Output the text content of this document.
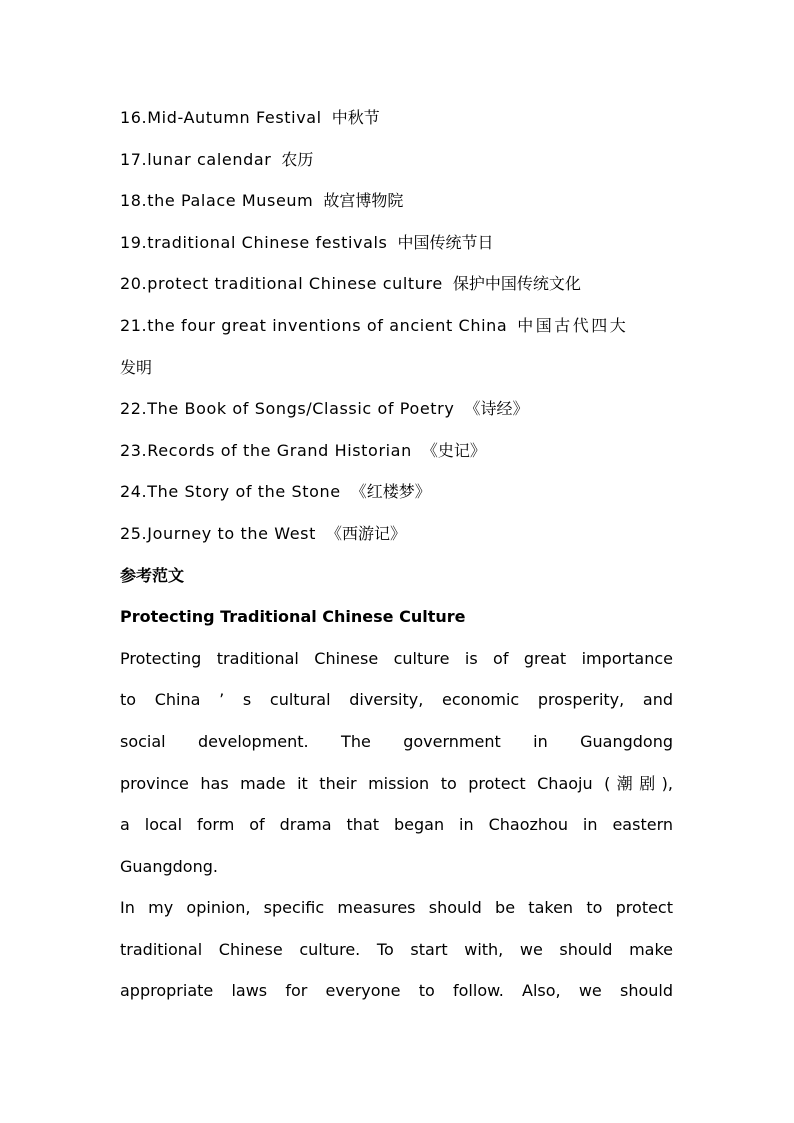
16.Mid-Autumn Festival 中秋节
17.lunar calendar 农历
18.the Palace Museum 故宫博物院
19.traditional Chinese festivals 中国传统节日
20.protect traditional Chinese culture 保护中国传统文化
21.the four great inventions of ancient China 中国古代四大
发明
22.The Book of Songs/Classic of Poetry 《诗经》
23.Records of the Grand Historian 《史记》
24.The Story of the Stone 《红楼梦》
25.Journey to the West 《西游记》
参考范文
Protecting Traditional Chinese Culture
Protecting traditional Chinese culture is of great importance
to China ’ s cultural diversity, economic prosperity, and
social development. The government in Guangdong
province has made it their mission to protect Chaoju (潮剧),
a local form of drama that began in Chaozhou in eastern
Guangdong.
In my opinion, specific measures should be taken to protect
traditional Chinese culture. To start with, we should make
appropriate laws for everyone to follow. Also, we should
